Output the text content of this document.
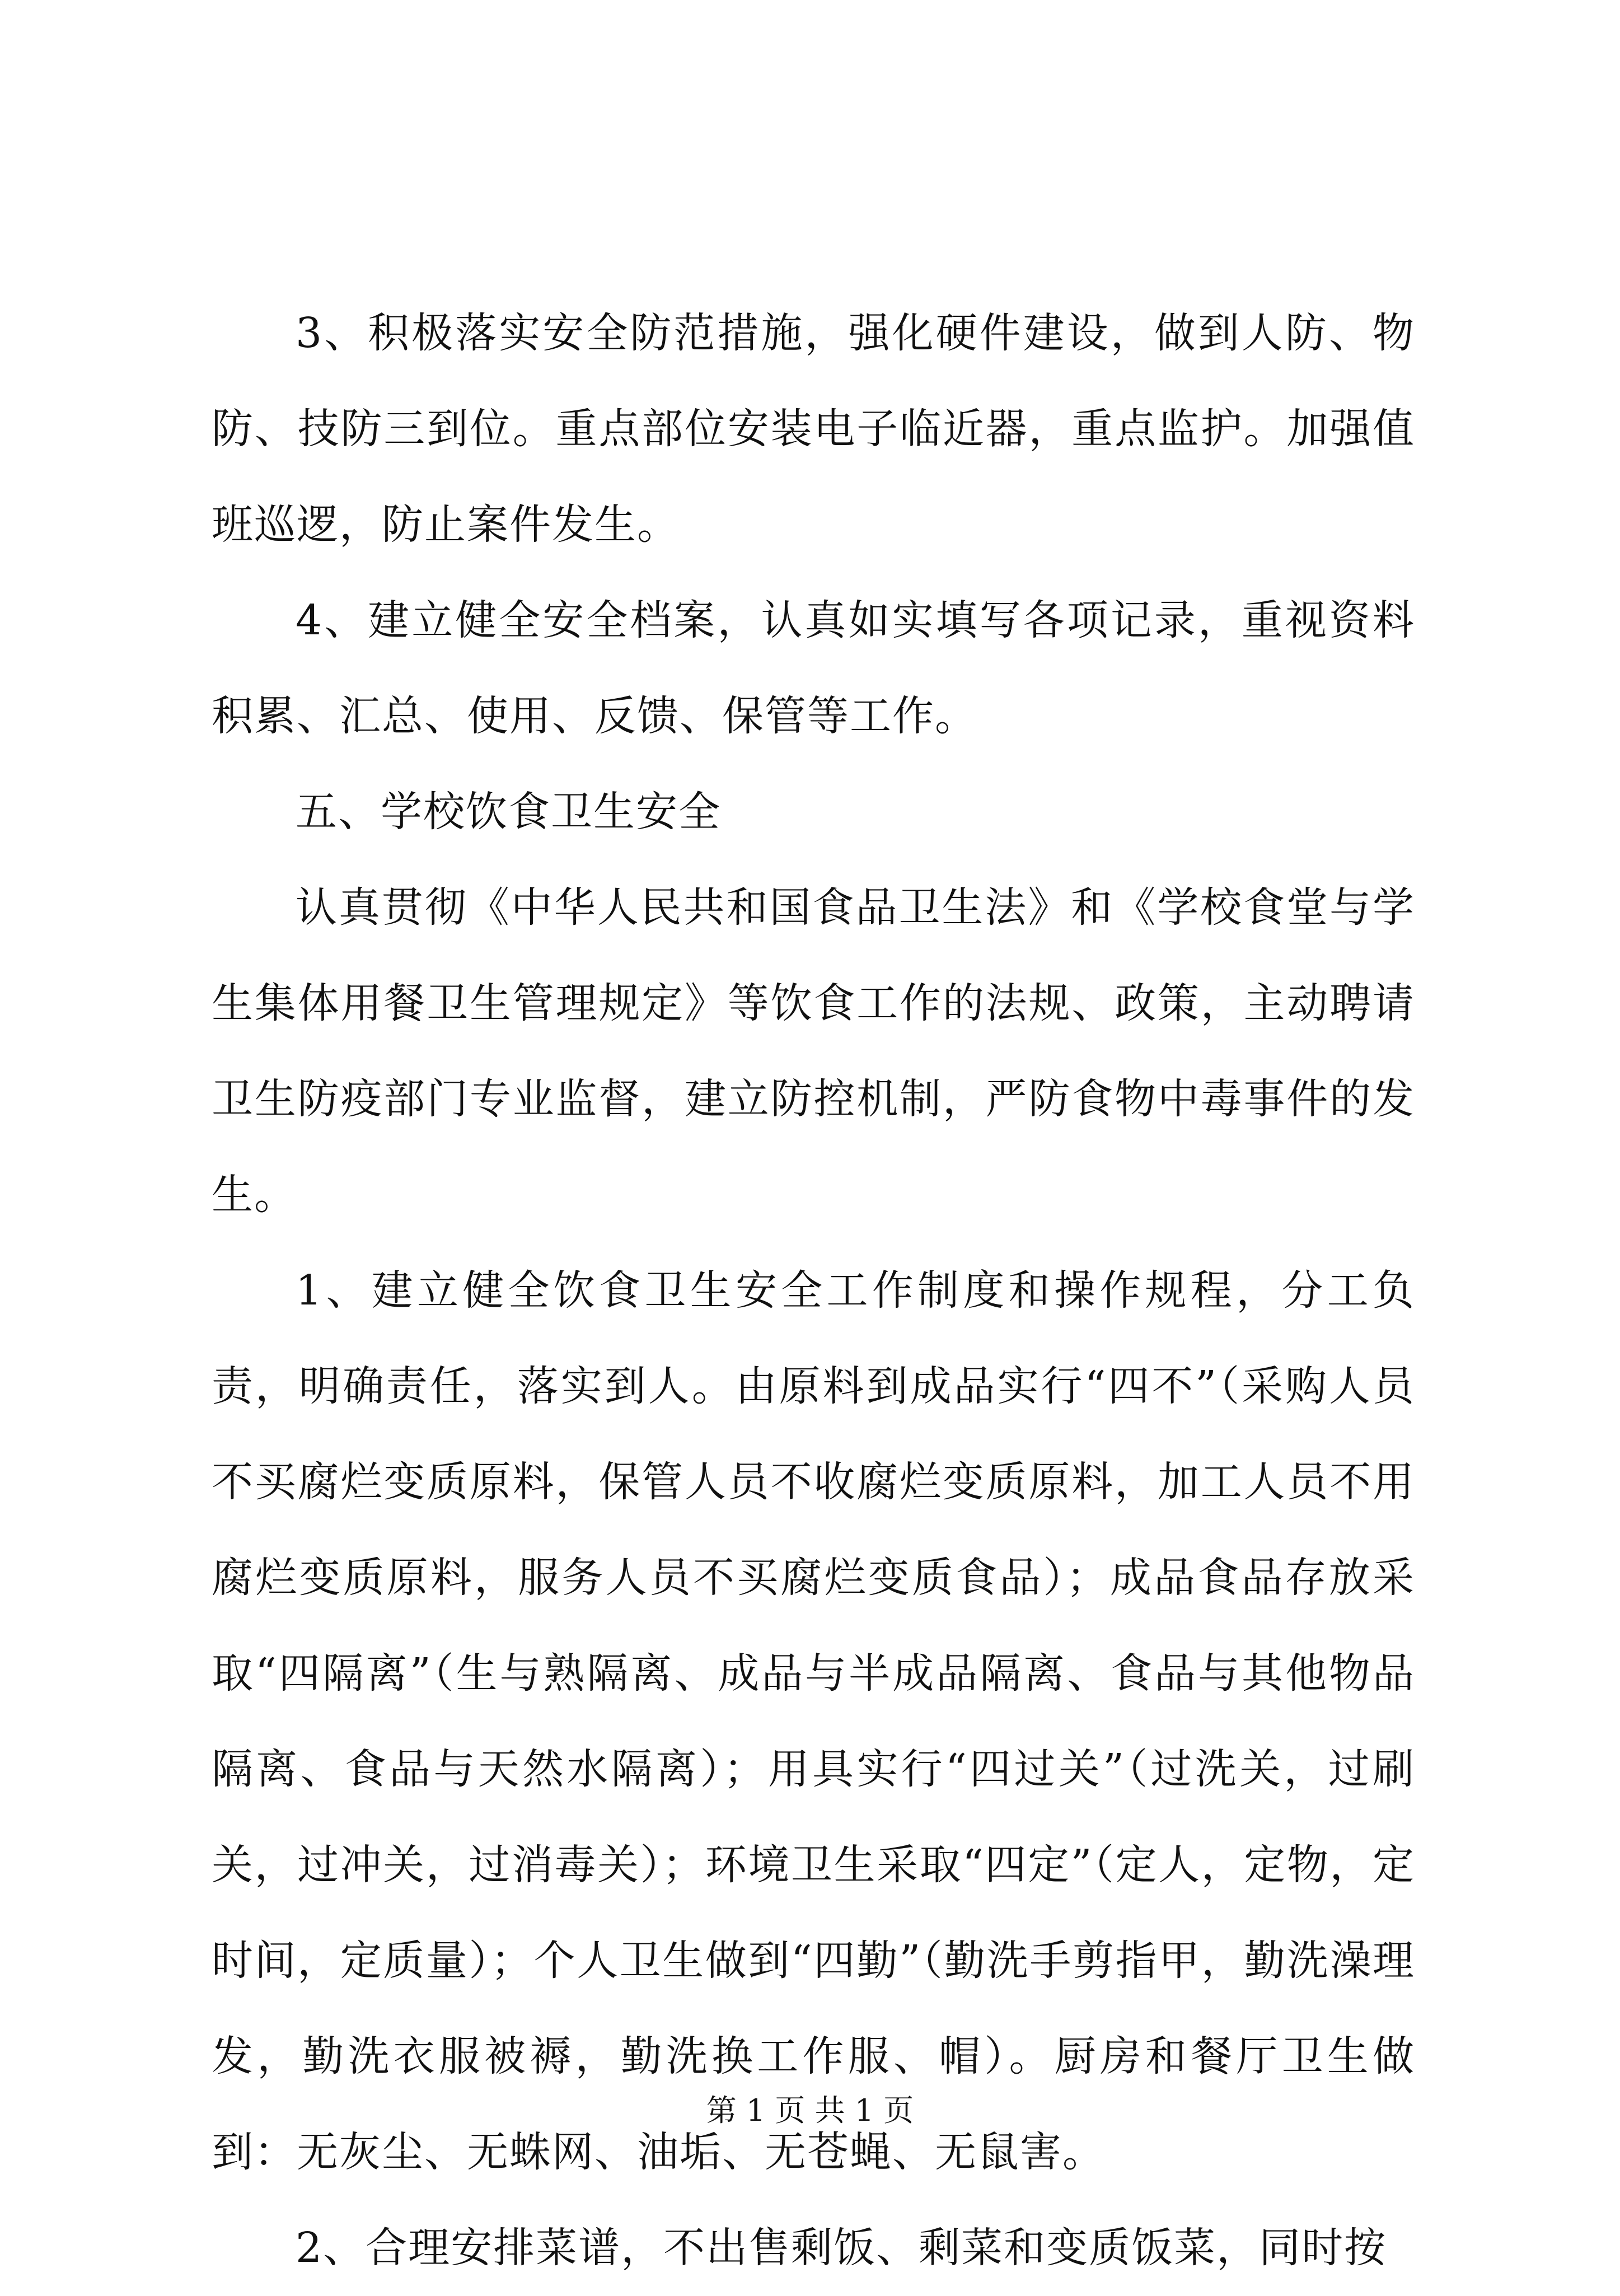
3、积极落实安全防范措施，强化硬件建设，做到人防、物防、技防三到位。重点部位安装电子临近器，重点监护。加强值班巡逻，防止案件发生。

4、建立健全安全档案，认真如实填写各项记录，重视资料积累、汇总、使用、反馈、保管等工作。

五、学校饮食卫生安全

认真贯彻《中华人民共和国食品卫生法》和《学校食堂与学生集体用餐卫生管理规定》等饮食工作的法规、政策，主动聘请卫生防疫部门专业监督，建立防控机制，严防食物中毒事件的发生。

1、建立健全饮食卫生安全工作制度和操作规程，分工负责，明确责任，落实到人。由原料到成品实行“四不”（采购人员不买腐烂变质原料，保管人员不收腐烂变质原料，加工人员不用腐烂变质原料，服务人员不买腐烂变质食品）；成品食品存放采取“四隔离”（生与熟隔离、成品与半成品隔离、食品与其他物品隔离、食品与天然水隔离）；用具实行“四过关”（过洗关，过刷关，过冲关，过消毒关）；环境卫生采取“四定”（定人，定物，定时间，定质量）；个人卫生做到“四勤”（勤洗手剪指甲，勤洗澡理发，勤洗衣服被褥，勤洗换工作服、帽）。厨房和餐厅卫生做到：无灰尘、无蛛网、油垢、无苍蝇、无鼠害。

2、合理安排菜谱，不出售剩饭、剩菜和变质饭菜，同时按

第 1 页 共 1 页
